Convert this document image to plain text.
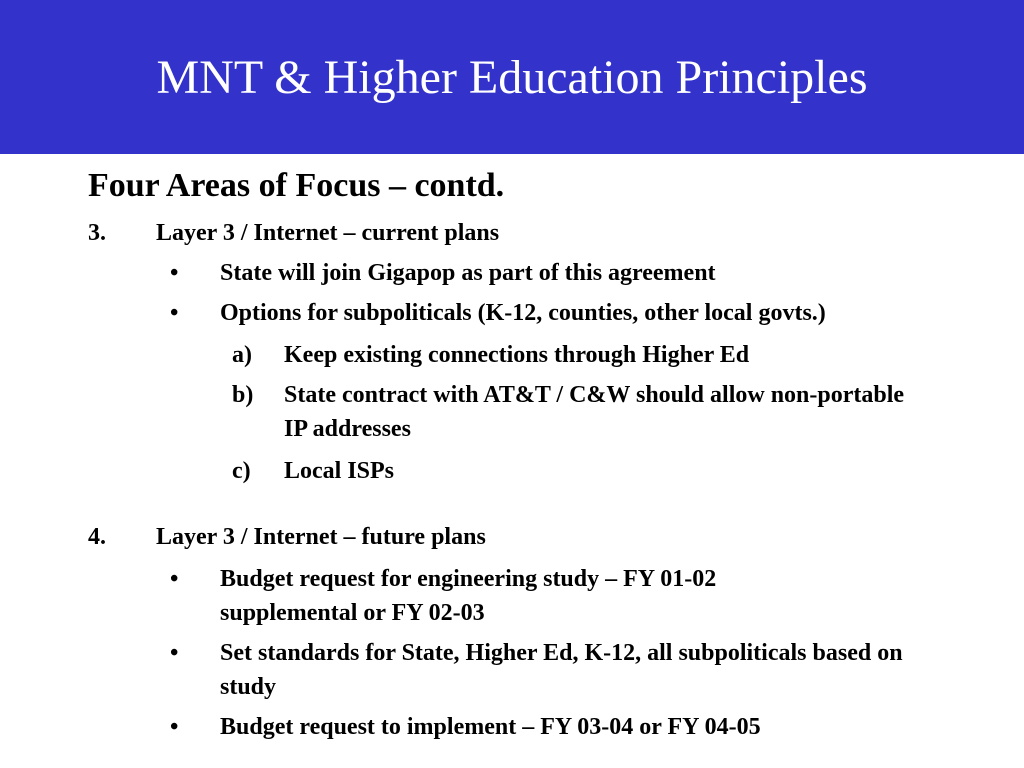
MNT & Higher Education Principles
Four Areas of Focus – contd.
3. Layer 3 / Internet – current plans
• State will join Gigapop as part of this agreement
• Options for subpoliticals (K-12, counties, other local govts.)
a) Keep existing connections through Higher Ed
b) State contract with AT&T / C&W should allow non-portable IP addresses
c) Local ISPs
4. Layer 3 / Internet – future plans
• Budget request for engineering study – FY 01-02 supplemental or FY 02-03
• Set standards for State, Higher Ed, K-12, all subpoliticals based on study
• Budget request to implement – FY 03-04 or FY 04-05
